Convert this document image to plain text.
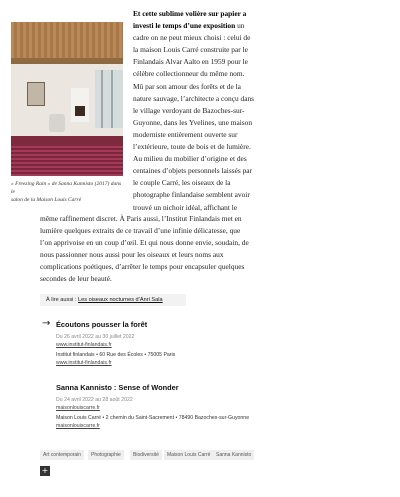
« Freezing Rain » de Sanna Kannisto (2017) dans le

salon de la Maison Louis Carré

Et cette sublime volière sur papier a

investi le temps d’une exposition un

cadre on ne peut mieux choisi : celui de

la maison Louis Carré construite par le

Finlandais Alvar Aalto en 1959 pour le

célèbre collectionneur du même nom.

Mû par son amour des forêts et de la

nature sauvage, l’architecte a conçu dans

le village verdoyant de Bazoches-sur-

Guyonne, dans les Yvelines, une maison

moderniste entièrement ouverte sur

l’extérieure, toute de bois et de lumière.

Au milieu du mobilier d’origine et des

centaines d’objets personnels laissés par

le couple Carré, les oiseaux de la

photographe finlandaise semblent avoir

trouvé un nichoir idéal, affichant le

même raffinement discret. À Paris aussi, l’Institut Finlandais met en

lumière quelques extraits de ce travail d’une infinie délicatesse, que

l’on apprivoise en un coup d’œil. Et qui nous donne envie, soudain, de

nous passionner nous aussi pour les oiseaux et leurs noms aux

complications poétiques, d’arrêter le temps pour encapsuler quelques

secondes de leur beauté.

À lire aussi : Les oiseaux nocturnes d’Anri Sala
→ Écoutons pousser la forêt
Du 26 avril 2022 au 30 juillet 2022
www.institut-finlandais.fr
Institut finlandais • 60 Rue des Écoles • 75005 Paris
www.institut-finlandais.fr
Sanna Kannisto : Sense of Wonder
Du 24 avril 2022 au 28 août 2022
maisonlouiscarre.fr
Maison Louis Carré • 2 chemin du Saint-Sacrement • 78490 Bazoches-sur-Guyonne
maisonlouiscarre.fr
Art contemporain	Photographie	Biodiversité	Maison Louis Carré	Sanna Kannisto
+
